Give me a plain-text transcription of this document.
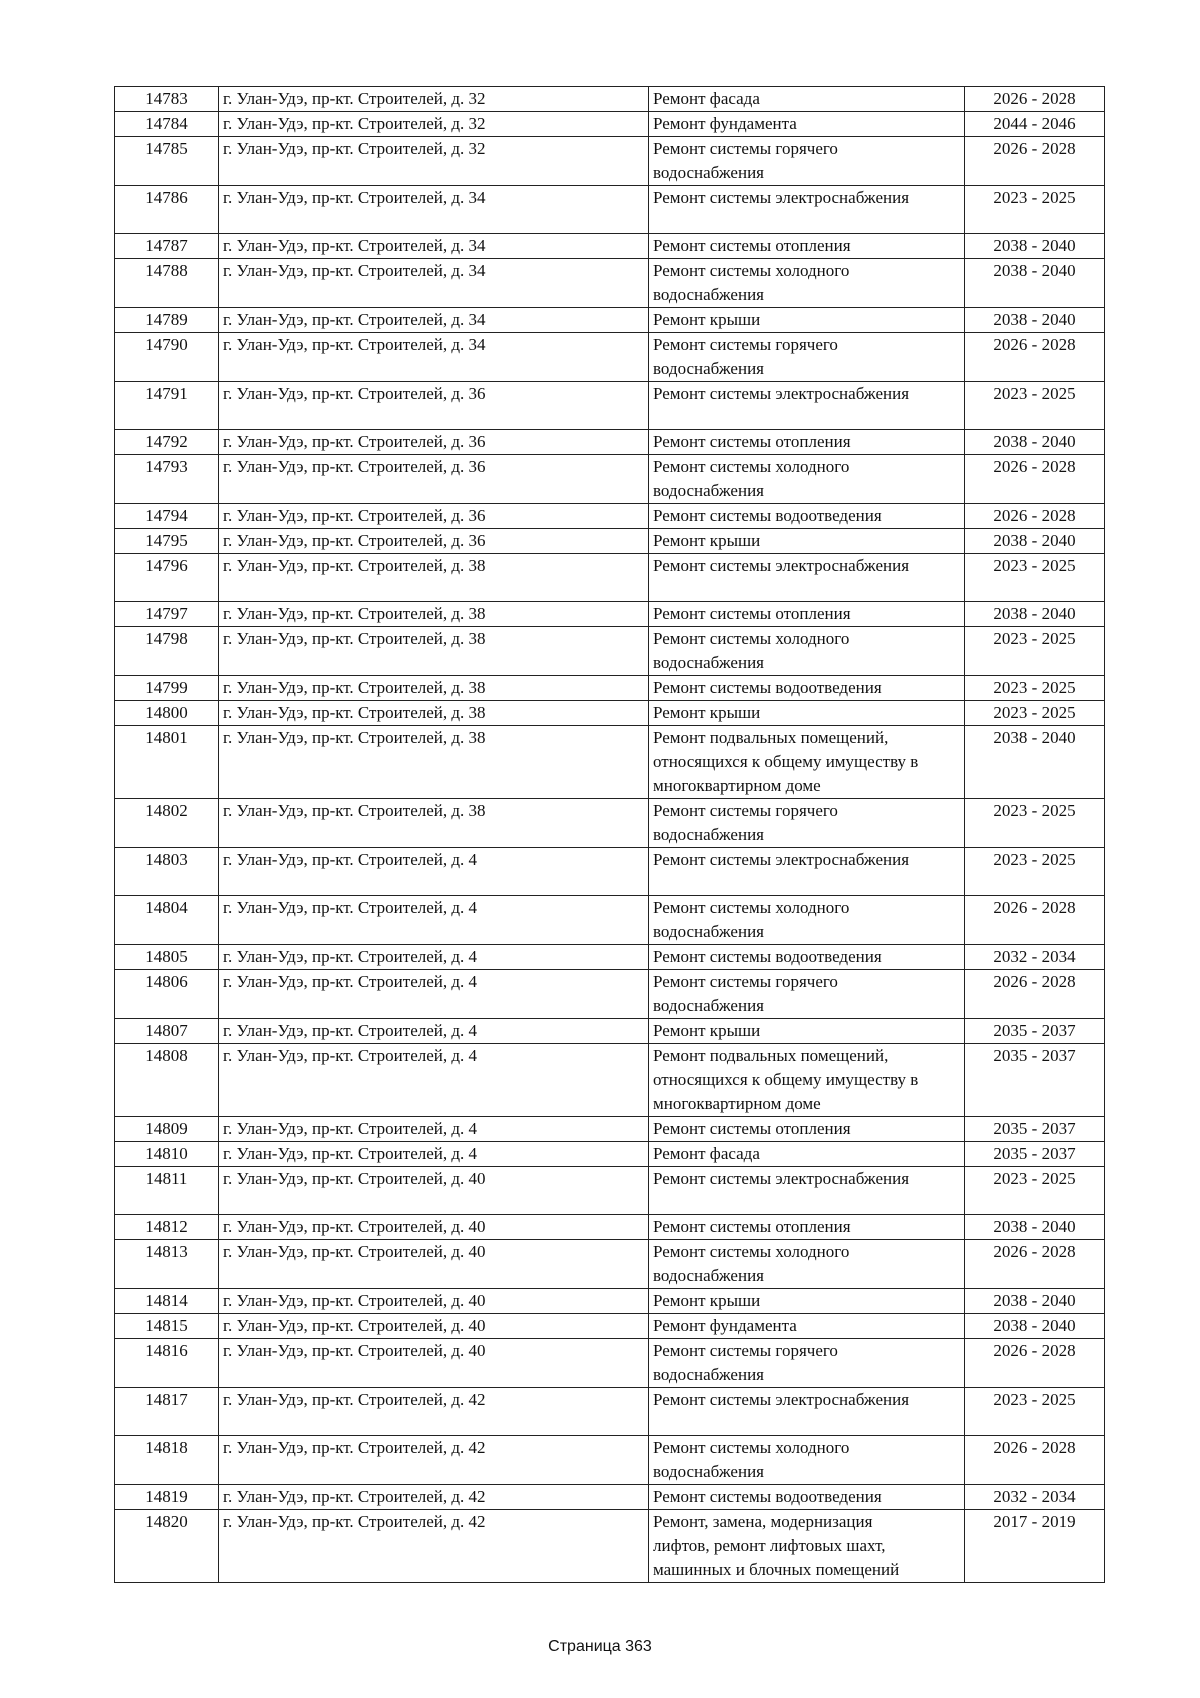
14783	г. Улан-Удэ, пр-кт. Строителей, д. 32	Ремонт фасада	2026 - 2028
14784	г. Улан-Удэ, пр-кт. Строителей, д. 32	Ремонт фундамента	2044 - 2046
14785	г. Улан-Удэ, пр-кт. Строителей, д. 32	Ремонт системы горячего
водоснабжения	2026 - 2028
14786	г. Улан-Удэ, пр-кт. Строителей, д. 34	Ремонт системы электроснабжения	2023 - 2025
14787	г. Улан-Удэ, пр-кт. Строителей, д. 34	Ремонт системы отопления	2038 - 2040
14788	г. Улан-Удэ, пр-кт. Строителей, д. 34	Ремонт системы холодного
водоснабжения	2038 - 2040
14789	г. Улан-Удэ, пр-кт. Строителей, д. 34	Ремонт крыши	2038 - 2040
14790	г. Улан-Удэ, пр-кт. Строителей, д. 34	Ремонт системы горячего
водоснабжения	2026 - 2028
14791	г. Улан-Удэ, пр-кт. Строителей, д. 36	Ремонт системы электроснабжения	2023 - 2025
14792	г. Улан-Удэ, пр-кт. Строителей, д. 36	Ремонт системы отопления	2038 - 2040
14793	г. Улан-Удэ, пр-кт. Строителей, д. 36	Ремонт системы холодного
водоснабжения	2026 - 2028
14794	г. Улан-Удэ, пр-кт. Строителей, д. 36	Ремонт системы водоотведения	2026 - 2028
14795	г. Улан-Удэ, пр-кт. Строителей, д. 36	Ремонт крыши	2038 - 2040
14796	г. Улан-Удэ, пр-кт. Строителей, д. 38	Ремонт системы электроснабжения	2023 - 2025
14797	г. Улан-Удэ, пр-кт. Строителей, д. 38	Ремонт системы отопления	2038 - 2040
14798	г. Улан-Удэ, пр-кт. Строителей, д. 38	Ремонт системы холодного
водоснабжения	2023 - 2025
14799	г. Улан-Удэ, пр-кт. Строителей, д. 38	Ремонт системы водоотведения	2023 - 2025
14800	г. Улан-Удэ, пр-кт. Строителей, д. 38	Ремонт крыши	2023 - 2025
14801	г. Улан-Удэ, пр-кт. Строителей, д. 38	Ремонт подвальных помещений,
относящихся к общему имуществу в
многоквартирном доме	2038 - 2040
14802	г. Улан-Удэ, пр-кт. Строителей, д. 38	Ремонт системы горячего
водоснабжения	2023 - 2025
14803	г. Улан-Удэ, пр-кт. Строителей, д. 4	Ремонт системы электроснабжения	2023 - 2025
14804	г. Улан-Удэ, пр-кт. Строителей, д. 4	Ремонт системы холодного
водоснабжения	2026 - 2028
14805	г. Улан-Удэ, пр-кт. Строителей, д. 4	Ремонт системы водоотведения	2032 - 2034
14806	г. Улан-Удэ, пр-кт. Строителей, д. 4	Ремонт системы горячего
водоснабжения	2026 - 2028
14807	г. Улан-Удэ, пр-кт. Строителей, д. 4	Ремонт крыши	2035 - 2037
14808	г. Улан-Удэ, пр-кт. Строителей, д. 4	Ремонт подвальных помещений,
относящихся к общему имуществу в
многоквартирном доме	2035 - 2037
14809	г. Улан-Удэ, пр-кт. Строителей, д. 4	Ремонт системы отопления	2035 - 2037
14810	г. Улан-Удэ, пр-кт. Строителей, д. 4	Ремонт фасада	2035 - 2037
14811	г. Улан-Удэ, пр-кт. Строителей, д. 40	Ремонт системы электроснабжения	2023 - 2025
14812	г. Улан-Удэ, пр-кт. Строителей, д. 40	Ремонт системы отопления	2038 - 2040
14813	г. Улан-Удэ, пр-кт. Строителей, д. 40	Ремонт системы холодного
водоснабжения	2026 - 2028
14814	г. Улан-Удэ, пр-кт. Строителей, д. 40	Ремонт крыши	2038 - 2040
14815	г. Улан-Удэ, пр-кт. Строителей, д. 40	Ремонт фундамента	2038 - 2040
14816	г. Улан-Удэ, пр-кт. Строителей, д. 40	Ремонт системы горячего
водоснабжения	2026 - 2028
14817	г. Улан-Удэ, пр-кт. Строителей, д. 42	Ремонт системы электроснабжения	2023 - 2025
14818	г. Улан-Удэ, пр-кт. Строителей, д. 42	Ремонт системы холодного
водоснабжения	2026 - 2028
14819	г. Улан-Удэ, пр-кт. Строителей, д. 42	Ремонт системы водоотведения	2032 - 2034
14820	г. Улан-Удэ, пр-кт. Строителей, д. 42	Ремонт, замена, модернизация
лифтов, ремонт лифтовых шахт,
машинных и блочных помещений	2017 - 2019
Страница 363
